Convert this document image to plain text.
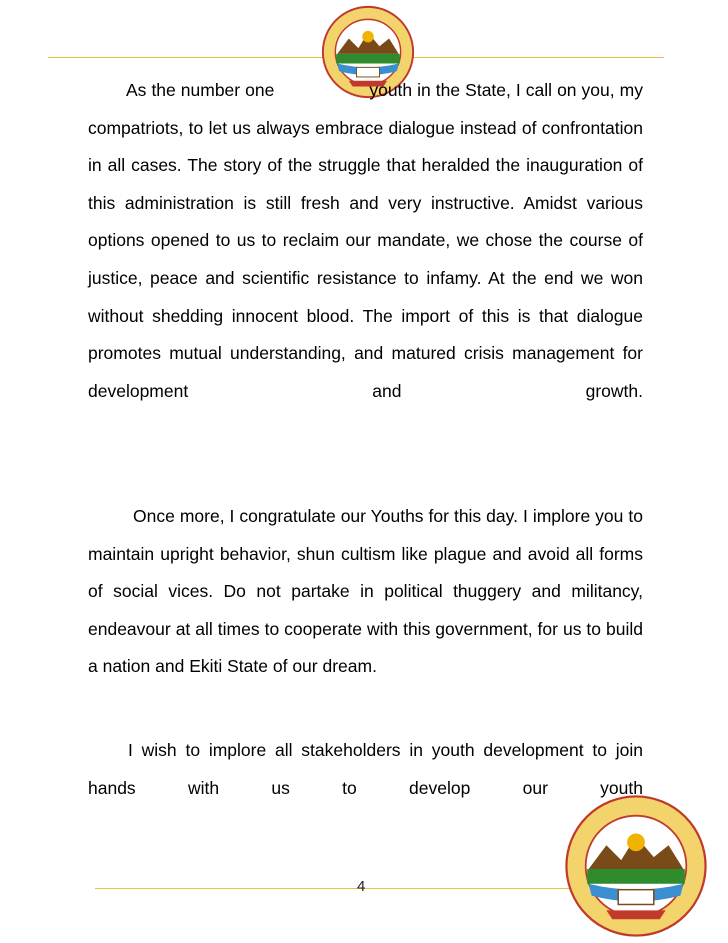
As the number one	youth in the State, I call on you, my compatriots, to let us always embrace dialogue instead of confrontation in all cases. The story of the struggle that heralded the inauguration of this administration is still fresh and very instructive. Amidst various options opened to us to reclaim our mandate, we chose the course of justice, peace and scientific resistance to infamy. At the end we won without shedding innocent blood. The import of this is that dialogue promotes mutual understanding, and matured crisis management for development and growth.
Once more, I congratulate our Youths for this day. I implore you to maintain upright behavior, shun cultism like plague and avoid all forms of social vices. Do not partake in political thuggery and militancy, endeavour at all times to cooperate with this government, for us to build a nation and Ekiti State of our dream.
I wish to implore all stakeholders in youth development to join hands with us to develop our youth
4
